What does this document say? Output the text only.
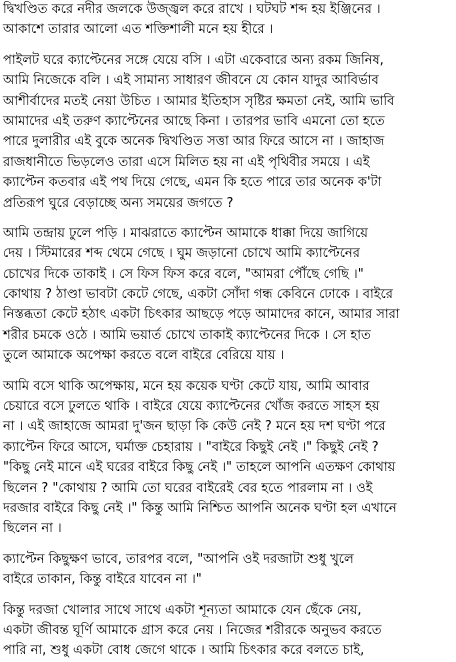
দ্বিখণ্ডিত করে নদীর জলকে উজ্জ্বল করে রাখে । ঘটঘট শব্দ হয় ইঞ্জিনের ।
আকাশে তারার আলো এত শক্তিশালী মনে হয় হীরে ।
পাইলট ঘরে ক্যাপ্টেনের সঙ্গে যেয়ে বসি । এটা একেবারে অন্য রকম জিনিষ,
আমি নিজেকে বলি । এই সামান্য সাধারণ জীবনে যে কোন যাদুর আবির্ভাব
আশীর্বাদের মতই নেয়া উচিত । আমার ইতিহাস সৃষ্টির ক্ষমতা নেই, আমি ভাবি
আমাদের এই তরুণ ক্যাপ্টেনের আছে কিনা । তারপর ভাবি এমনো তো হতে
পারে দুলারীর এই বুকে অনেক দ্বিখণ্ডিত সত্তা আর ফিরে আসে না । জাহাজ
রাজধানীতে ভিড়লেও তারা এসে মিলিত হয় না এই পৃথিবীর সময়ে । এই
ক্যাপ্টেন কতবার এই পথ দিয়ে গেছে, এমন কি হতে পারে তার অনেক ক'টা
প্রতিরূপ ঘুরে বেড়াচ্ছে অন্য সময়ের জগতে ?
আমি তন্দ্রায় ঢুলে পড়ি । মাঝরাতে ক্যাপ্টেন আমাকে ধাক্কা দিয়ে জাগিয়ে
দেয় । স্টিমারের শব্দ থেমে গেছে । ঘুম জড়ানো চোখে আমি ক্যাপ্টেনের
চোখের দিকে তাকাই । সে ফিস ফিস করে বলে, "আমরা পৌঁছে গেছি ।"
কোথায় ? ঠাণ্ডা ভাবটা কেটে গেছে, একটা সোঁদা গন্ধ কেবিনে ঢোকে । বাইরে
নিস্তব্ধতা কেটে হঠাৎ একটা চিৎকার আছড়ে পড়ে আমাদের কানে, আমার সারা
শরীর চমকে ওঠে । আমি ভয়ার্ত চোখে তাকাই ক্যাপ্টেনের দিকে । সে হাত
তুলে আমাকে অপেক্ষা করতে বলে বাইরে বেরিয়ে যায় ।
আমি বসে থাকি অপেক্ষায়, মনে হয় কয়েক ঘণ্টা কেটে যায়, আমি আবার
চেয়ারে বসে ঢুলতে থাকি । বাইরে যেয়ে ক্যাপ্টেনের খোঁজ করতে সাহস হয়
না । এই জাহাজে আমরা দু'জন ছাড়া কি কেউ নেই ? মনে হয় দশ ঘণ্টা পরে
ক্যাপ্টেন ফিরে আসে, ঘর্মাক্ত চেহারায় । "বাইরে কিছুই নেই ।" কিছুই নেই ?
"কিছু নেই মানে এই ঘরের বাইরে কিছু নেই ।" তাহলে আপনি এতক্ষণ কোথায়
ছিলেন ? "কোথায় ? আমি তো ঘরের বাইরেই বের হতে পারলাম না । ওই
দরজার বাইরে কিছু নেই ।" কিন্তু আমি নিশ্চিত আপনি অনেক ঘণ্টা হল এখানে
ছিলেন না ।
ক্যাপ্টেন কিছুক্ষণ ভাবে, তারপর বলে, "আপনি ওই দরজাটা শুধু খুলে
বাইরে তাকান, কিন্তু বাইরে যাবেন না ।"
কিন্তু দরজা খোলার সাথে সাথে একটা শূন্যতা আমাকে যেন ছেঁকে নেয়,
একটা জীবন্ত ঘূর্ণি আমাকে গ্রাস করে নেয় । নিজের শরীরকে অনুভব করতে
পারি না, শুধু একটা বোধ জেগে থাকে । আমি চিৎকার করে বলতে চাই,
